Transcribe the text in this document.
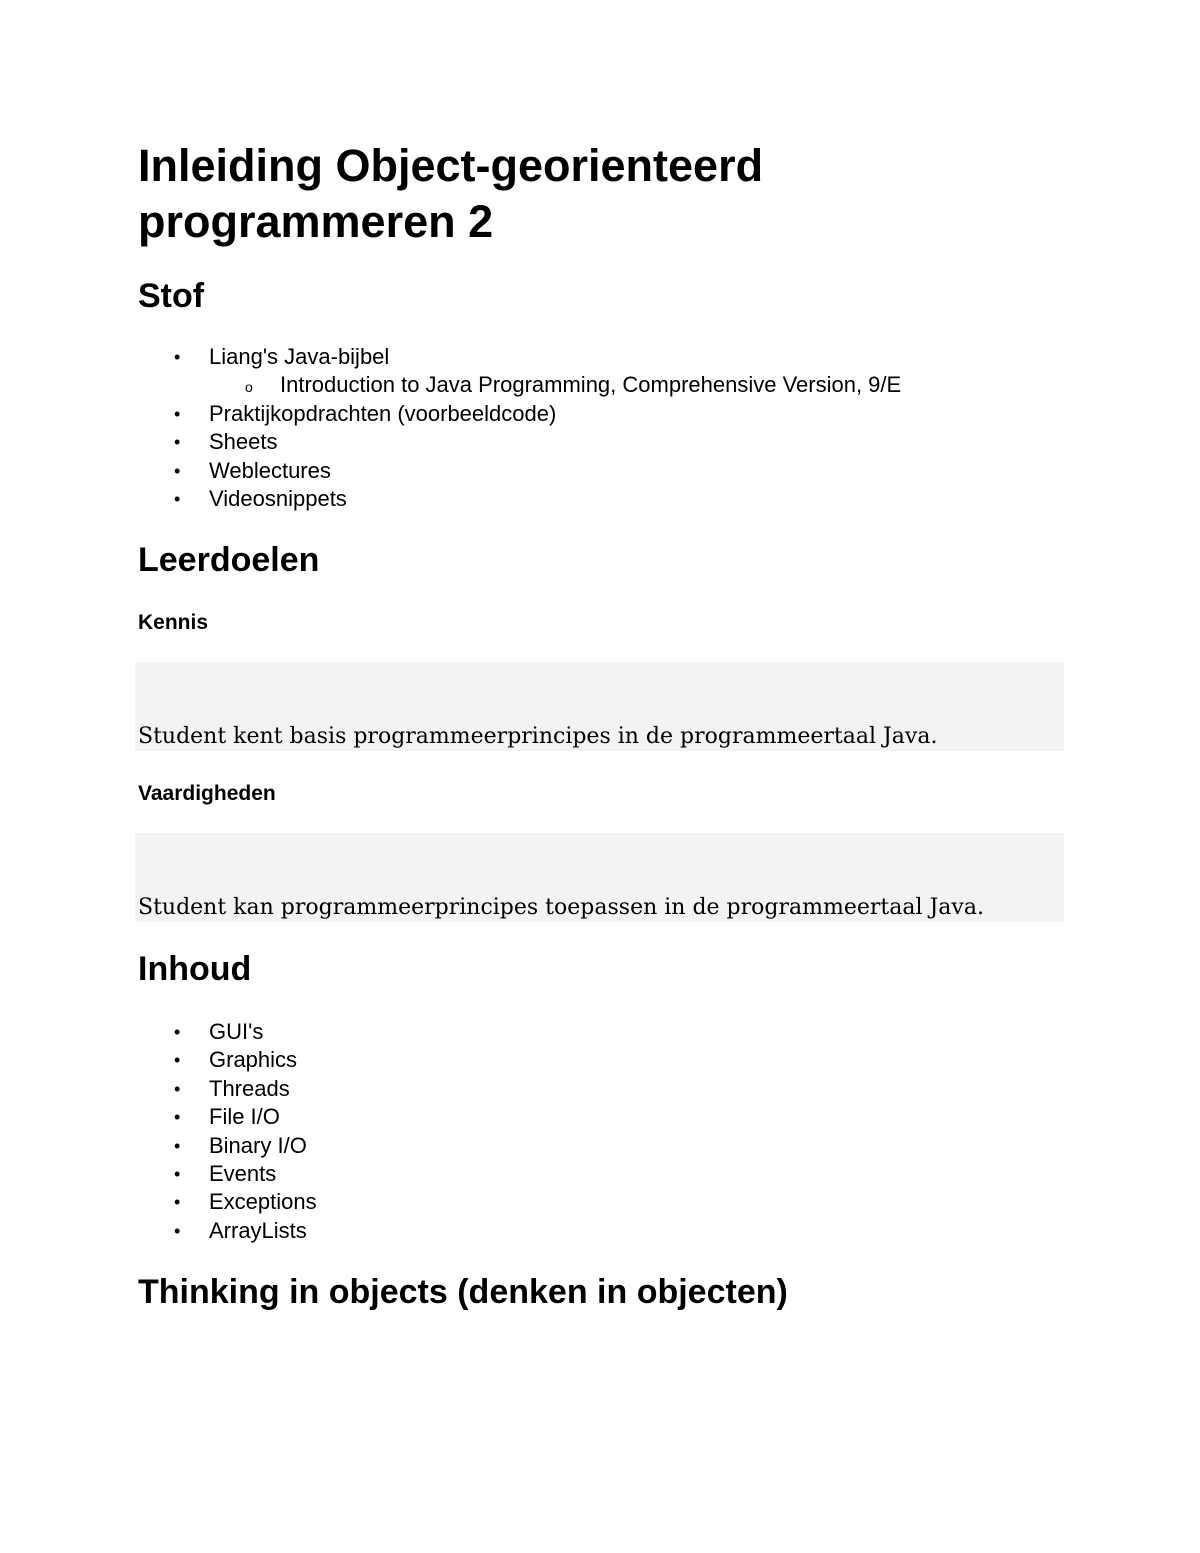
Inleiding Object-georienteerd programmeren 2
Stof
• Liang's Java-bijbel
o Introduction to Java Programming, Comprehensive Version, 9/E
• Praktijkopdrachten (voorbeeldcode)
• Sheets
• Weblectures
• Videosnippets
Leerdoelen
Kennis
Student kent basis programmeerprincipes in de programmeertaal Java.
Vaardigheden
Student kan programmeerprincipes toepassen in de programmeertaal Java.
Inhoud
• GUI's
• Graphics
• Threads
• File I/O
• Binary I/O
• Events
• Exceptions
• ArrayLists
Thinking in objects (denken in objecten)
